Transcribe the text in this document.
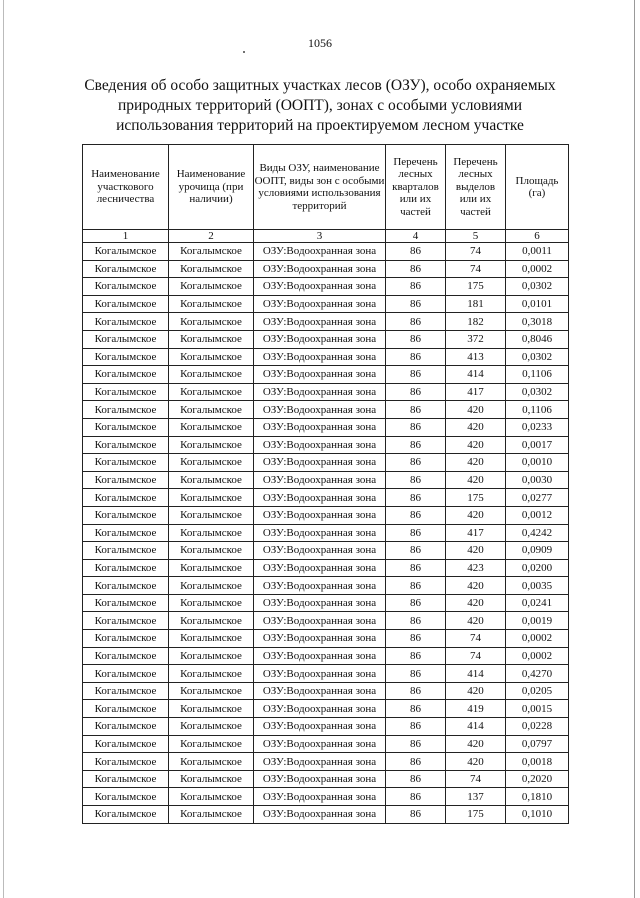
1056
Сведения об особо защитных участках лесов (ОЗУ), особо охраняемых
природных территорий (ООПТ), зонах с особыми условиями
использования территорий на проектируемом лесном участке
Наименование участкового лесничества	Наименование урочища (при наличии)	Виды ОЗУ, наименование ООПТ, виды зон с особыми условиями использования территорий	Перечень лесных кварталов или их частей	Перечень лесных выделов или их частей	Площадь (га)
1	2	3	4	5	6
Когалымское	Когалымское	ОЗУ:Водоохранная зона	86	74	0,0011
Когалымское	Когалымское	ОЗУ:Водоохранная зона	86	74	0,0002
Когалымское	Когалымское	ОЗУ:Водоохранная зона	86	175	0,0302
Когалымское	Когалымское	ОЗУ:Водоохранная зона	86	181	0,0101
Когалымское	Когалымское	ОЗУ:Водоохранная зона	86	182	0,3018
Когалымское	Когалымское	ОЗУ:Водоохранная зона	86	372	0,8046
Когалымское	Когалымское	ОЗУ:Водоохранная зона	86	413	0,0302
Когалымское	Когалымское	ОЗУ:Водоохранная зона	86	414	0,1106
Когалымское	Когалымское	ОЗУ:Водоохранная зона	86	417	0,0302
Когалымское	Когалымское	ОЗУ:Водоохранная зона	86	420	0,1106
Когалымское	Когалымское	ОЗУ:Водоохранная зона	86	420	0,0233
Когалымское	Когалымское	ОЗУ:Водоохранная зона	86	420	0,0017
Когалымское	Когалымское	ОЗУ:Водоохранная зона	86	420	0,0010
Когалымское	Когалымское	ОЗУ:Водоохранная зона	86	420	0,0030
Когалымское	Когалымское	ОЗУ:Водоохранная зона	86	175	0,0277
Когалымское	Когалымское	ОЗУ:Водоохранная зона	86	420	0,0012
Когалымское	Когалымское	ОЗУ:Водоохранная зона	86	417	0,4242
Когалымское	Когалымское	ОЗУ:Водоохранная зона	86	420	0,0909
Когалымское	Когалымское	ОЗУ:Водоохранная зона	86	423	0,0200
Когалымское	Когалымское	ОЗУ:Водоохранная зона	86	420	0,0035
Когалымское	Когалымское	ОЗУ:Водоохранная зона	86	420	0,0241
Когалымское	Когалымское	ОЗУ:Водоохранная зона	86	420	0,0019
Когалымское	Когалымское	ОЗУ:Водоохранная зона	86	74	0,0002
Когалымское	Когалымское	ОЗУ:Водоохранная зона	86	74	0,0002
Когалымское	Когалымское	ОЗУ:Водоохранная зона	86	414	0,4270
Когалымское	Когалымское	ОЗУ:Водоохранная зона	86	420	0,0205
Когалымское	Когалымское	ОЗУ:Водоохранная зона	86	419	0,0015
Когалымское	Когалымское	ОЗУ:Водоохранная зона	86	414	0,0228
Когалымское	Когалымское	ОЗУ:Водоохранная зона	86	420	0,0797
Когалымское	Когалымское	ОЗУ:Водоохранная зона	86	420	0,0018
Когалымское	Когалымское	ОЗУ:Водоохранная зона	86	74	0,2020
Когалымское	Когалымское	ОЗУ:Водоохранная зона	86	137	0,1810
Когалымское	Когалымское	ОЗУ:Водоохранная зона	86	175	0,1010
